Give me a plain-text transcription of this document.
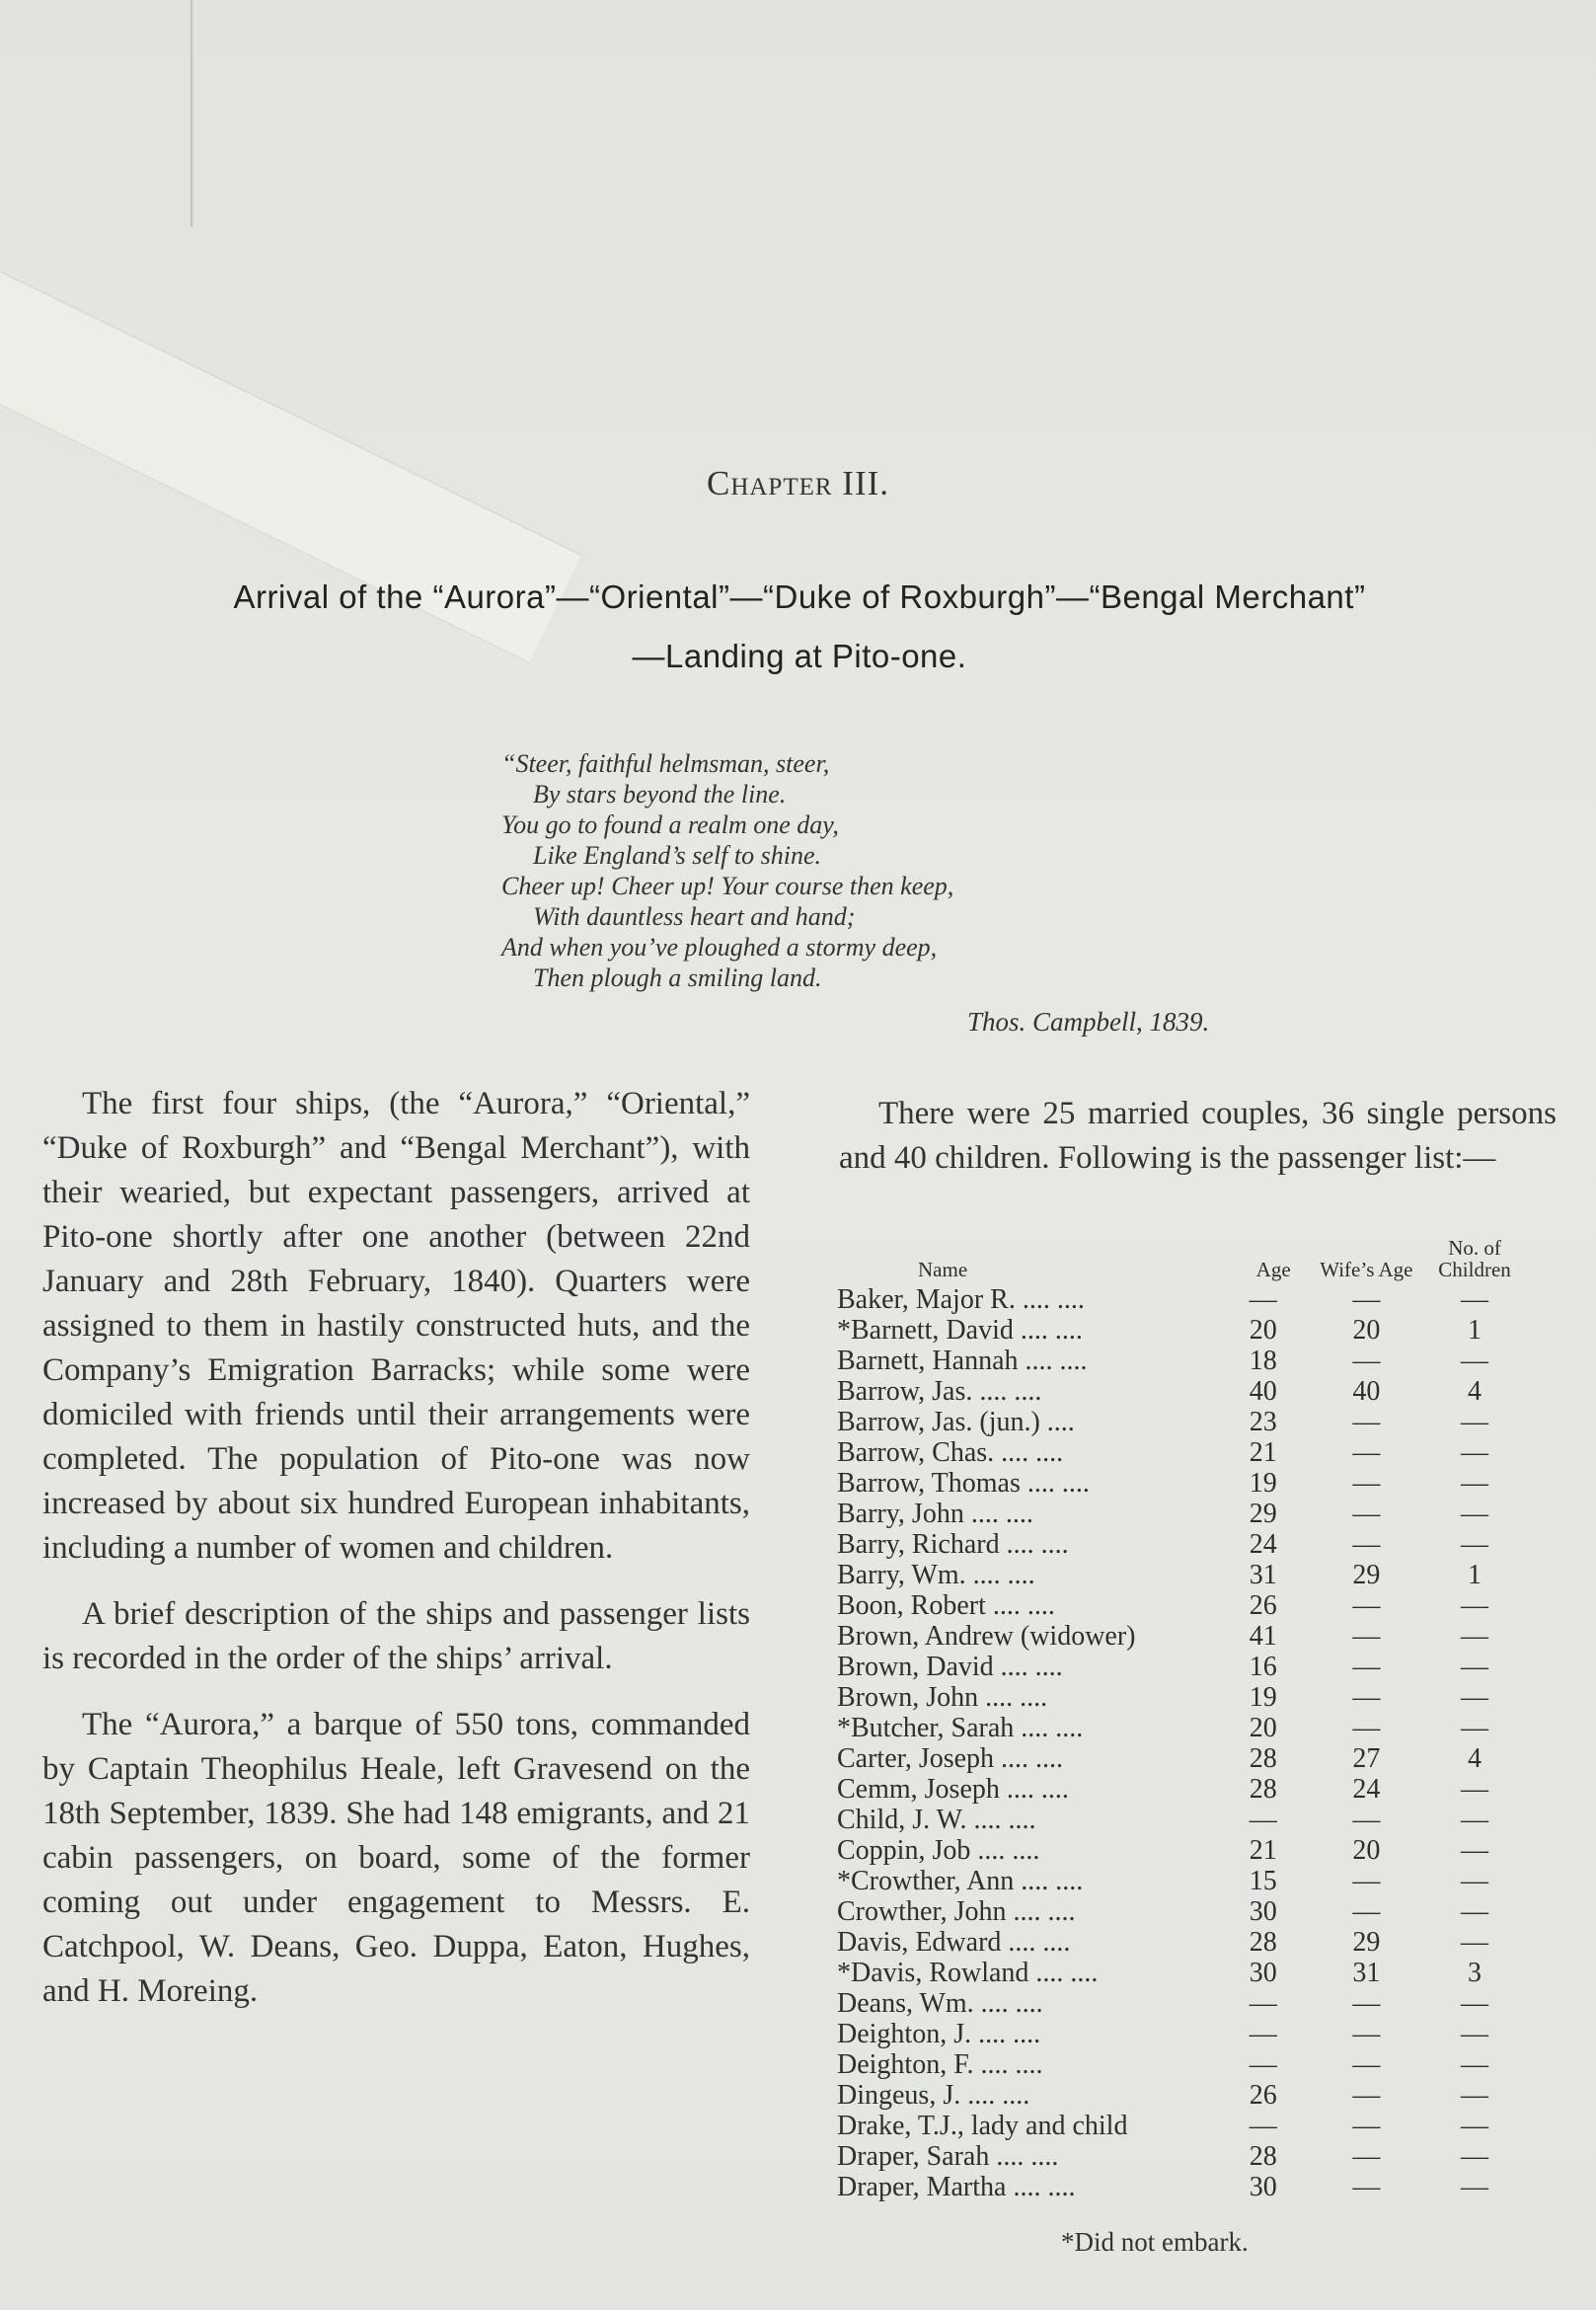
Chapter III.
Arrival of the “Aurora”—“Oriental”—“Duke of Roxburgh”—“Bengal Merchant”
—Landing at Pito-one.
“Steer, faithful helmsman, steer,
By stars beyond the line.
You go to found a realm one day,
Like England’s self to shine.
Cheer up! Cheer up! Your course then keep,
With dauntless heart and hand;
And when you’ve ploughed a stormy deep,
Then plough a smiling land.
Thos. Campbell, 1839.

The first four ships, (the “Aurora,” “Oriental,” “Duke of Roxburgh” and “Bengal Merchant”), with their wearied, but expectant passengers, arrived at Pito-one shortly after one another (between 22nd January and 28th February, 1840). Quarters were assigned to them in hastily constructed huts, and the Company’s Emigration Barracks; while some were domiciled with friends until their arrangements were completed. The population of Pito-one was now increased by about six hundred European inhabitants, including a number of women and children.

A brief description of the ships and passenger lists is recorded in the order of the ships’ arrival.

The “Aurora,” a barque of 550 tons, commanded by Captain Theophilus Heale, left Gravesend on the 18th September, 1839. She had 148 emigrants, and 21 cabin passengers, on board, some of the former coming out under engagement to Messrs. E. Catchpool, W. Deans, Geo. Duppa, Eaton, Hughes, and H. Moreing.

There were 25 married couples, 36 single persons and 40 children. Following is the passenger list:—

Name	Age	Wife’s Age	No. of Children
Baker, Major R. .... ....	—	—	—
*Barnett, David .... ....	20	20	1
Barnett, Hannah .... ....	18	—	—
Barrow, Jas. .... ....	40	40	4
Barrow, Jas. (jun.) ....	23	—	—
Barrow, Chas. .... ....	21	—	—
Barrow, Thomas .... ....	19	—	—
Barry, John .... ....	29	—	—
Barry, Richard .... ....	24	—	—
Barry, Wm. .... ....	31	29	1
Boon, Robert .... ....	26	—	—
Brown, Andrew (widower)	41	—	—
Brown, David .... ....	16	—	—
Brown, John .... ....	19	—	—
*Butcher, Sarah .... ....	20	—	—
Carter, Joseph .... ....	28	27	4
Cemm, Joseph .... ....	28	24	—
Child, J. W. .... ....	—	—	—
Coppin, Job .... ....	21	20	—
*Crowther, Ann .... ....	15	—	—
Crowther, John .... ....	30	—	—
Davis, Edward .... ....	28	29	—
*Davis, Rowland .... ....	30	31	3
Deans, Wm. .... ....	—	—	—
Deighton, J. .... ....	—	—	—
Deighton, F. .... ....	—	—	—
Dingeus, J. .... ....	26	—	—
Drake, T.J., lady and child	—	—	—
Draper, Sarah .... ....	28	—	—
Draper, Martha .... ....	30	—	—
*Did not embark.
